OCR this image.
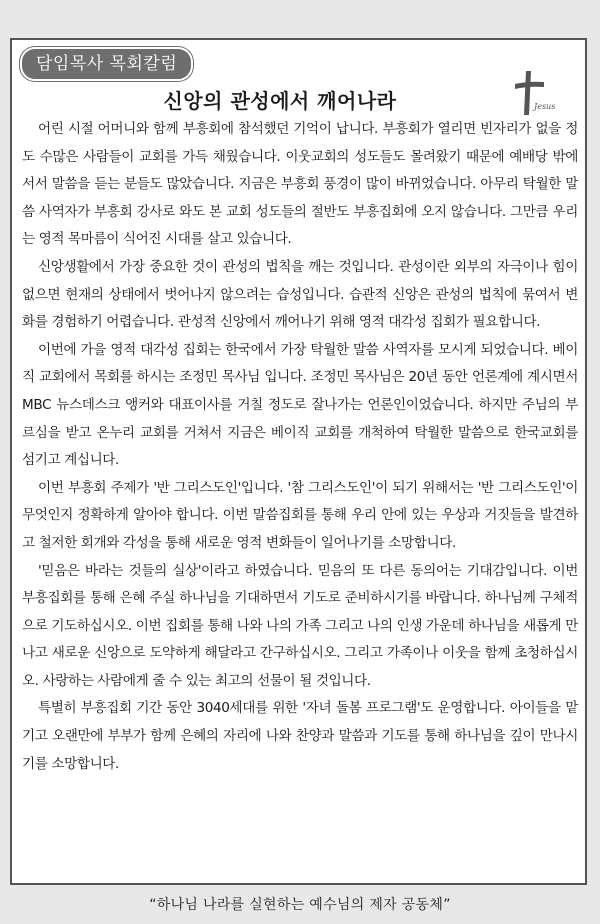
담임목사 목회칼럼
신앙의 관성에서 깨어나라	Jesus

어린 시절 어머니와 함께 부흥회에 참석했던 기억이 납니다. 부흥회가 열리면 빈자리가 없을 정도 수많은 사람들이 교회를 가득 채웠습니다. 이웃교회의 성도들도 몰려왔기 때문에 예배당 밖에 서서 말씀을 듣는 분들도 많았습니다. 지금은 부흥회 풍경이 많이 바뀌었습니다. 아무리 탁월한 말씀 사역자가 부흥회 강사로 와도 본 교회 성도들의 절반도 부흥집회에 오지 않습니다. 그만큼 우리는 영적 목마름이 식어진 시대를 살고 있습니다.

신앙생활에서 가장 중요한 것이 관성의 법칙을 깨는 것입니다. 관성이란 외부의 자극이나 힘이 없으면 현재의 상태에서 벗어나지 않으려는 습성입니다. 습관적 신앙은 관성의 법칙에 묶여서 변화를 경험하기 어렵습니다. 관성적 신앙에서 깨어나기 위해 영적 대각성 집회가 필요합니다.

이번에 가을 영적 대각성 집회는 한국에서 가장 탁월한 말씀 사역자를 모시게 되었습니다. 베이직 교회에서 목회를 하시는 조정민 목사님 입니다. 조정민 목사님은 20년 동안 언론계에 계시면서 MBC 뉴스데스크 앵커와 대표이사를 거칠 정도로 잘나가는 언론인이었습니다. 하지만 주님의 부르심을 받고 온누리 교회를 거쳐서 지금은 베이직 교회를 개척하여 탁월한 말씀으로 한국교회를 섬기고 계십니다.

이번 부흥회 주제가 '반 그리스도인'입니다. '참 그리스도인'이 되기 위해서는 '반 그리스도인'이 무엇인지 정확하게 알아야 합니다. 이번 말씀집회를 통해 우리 안에 있는 우상과 거짓들을 발견하고 철저한 회개와 각성을 통해 새로운 영적 변화들이 일어나기를 소망합니다.

'믿음은 바라는 것들의 실상'이라고 하였습니다. 믿음의 또 다른 동의어는 기대감입니다. 이번 부흥집회를 통해 은혜 주실 하나님을 기대하면서 기도로 준비하시기를 바랍니다. 하나님께 구체적으로 기도하십시오. 이번 집회를 통해 나와 나의 가족 그리고 나의 인생 가운데 하나님을 새롭게 만나고 새로운 신앙으로 도약하게 해달라고 간구하십시오. 그리고 가족이나 이웃을 함께 초청하십시오. 사랑하는 사람에게 줄 수 있는 최고의 선물이 될 것입니다.

특별히 부흥집회 기간 동안 3040세대를 위한 '자녀 돌봄 프로그램'도 운영합니다. 아이들을 맡기고 오랜만에 부부가 함께 은혜의 자리에 나와 찬양과 말씀과 기도를 통해 하나님을 깊이 만나시기를 소망합니다.

“하나님 나라를 실현하는 예수님의 제자 공동체”
